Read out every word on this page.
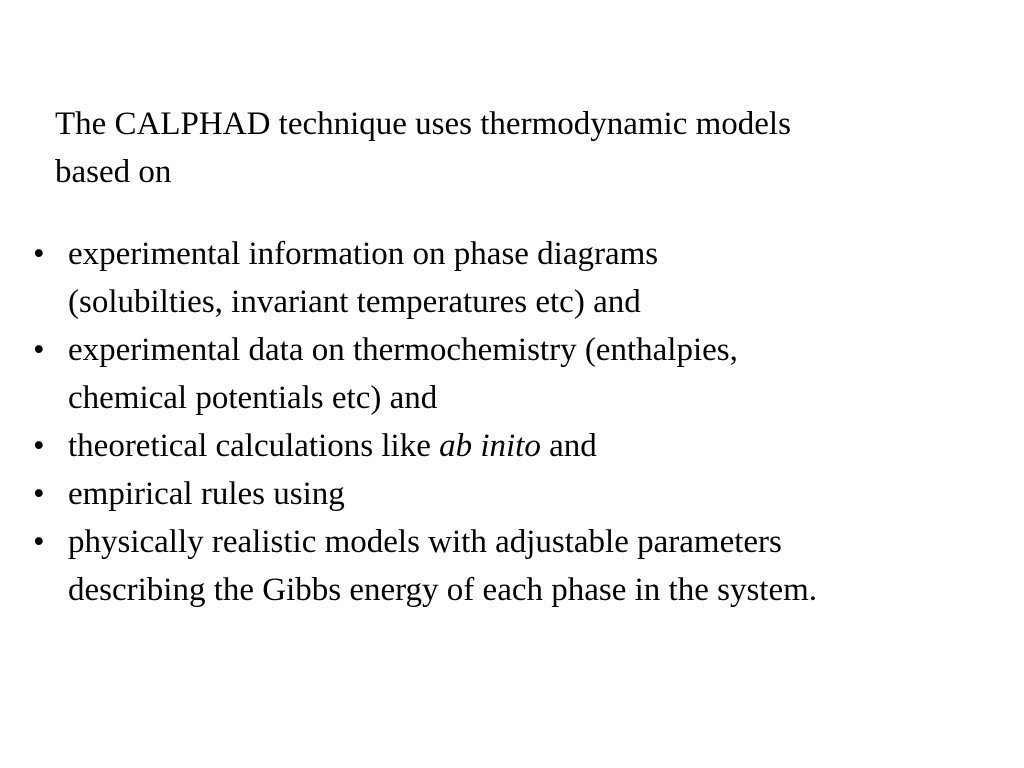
The CALPHAD technique uses thermodynamic models
based on

• experimental information on phase diagrams
(solubilties, invariant temperatures etc) and
• experimental data on thermochemistry (enthalpies,
chemical potentials etc) and
• theoretical calculations like ab inito and
• empirical rules using
• physically realistic models with adjustable parameters
describing the Gibbs energy of each phase in the system.
